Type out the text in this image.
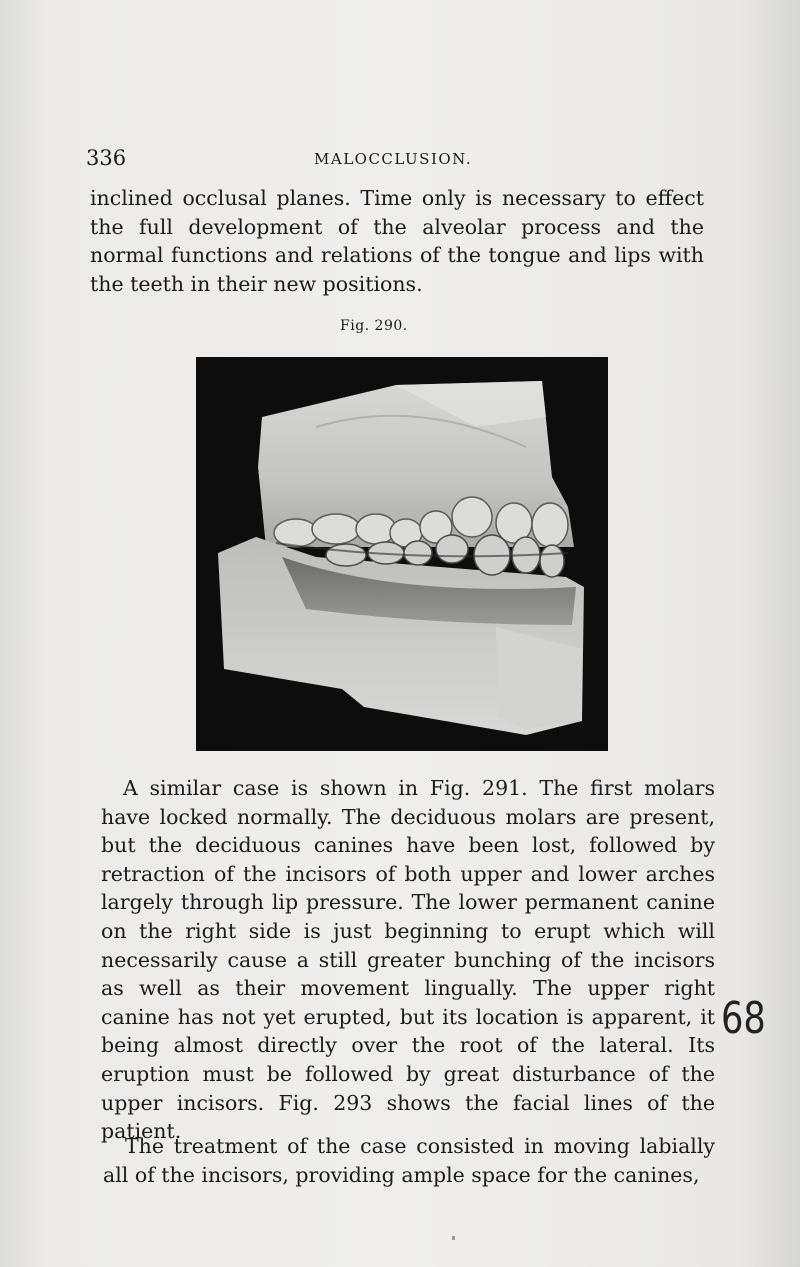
336	MALOCCLUSION.

inclined occlusal planes. Time only is necessary to effect the full development of the alveolar process and the normal functions and relations of the tongue and lips with the teeth in their new positions.

Fig. 290.
68

A similar case is shown in Fig. 291. The first molars have locked normally. The deciduous molars are present, but the deciduous canines have been lost, followed by retraction of the incisors of both upper and lower arches largely through lip pressure. The lower permanent canine on the right side is just beginning to erupt which will necessarily cause a still greater bunching of the incisors as well as their movement lingually. The upper right canine has not yet erupted, but its location is apparent, it being almost directly over the root of the lateral. Its eruption must be followed by great disturbance of the upper incisors. Fig. 293 shows the facial lines of the patient.

The treatment of the case consisted in moving labially all of the incisors, providing ample space for the canines,
